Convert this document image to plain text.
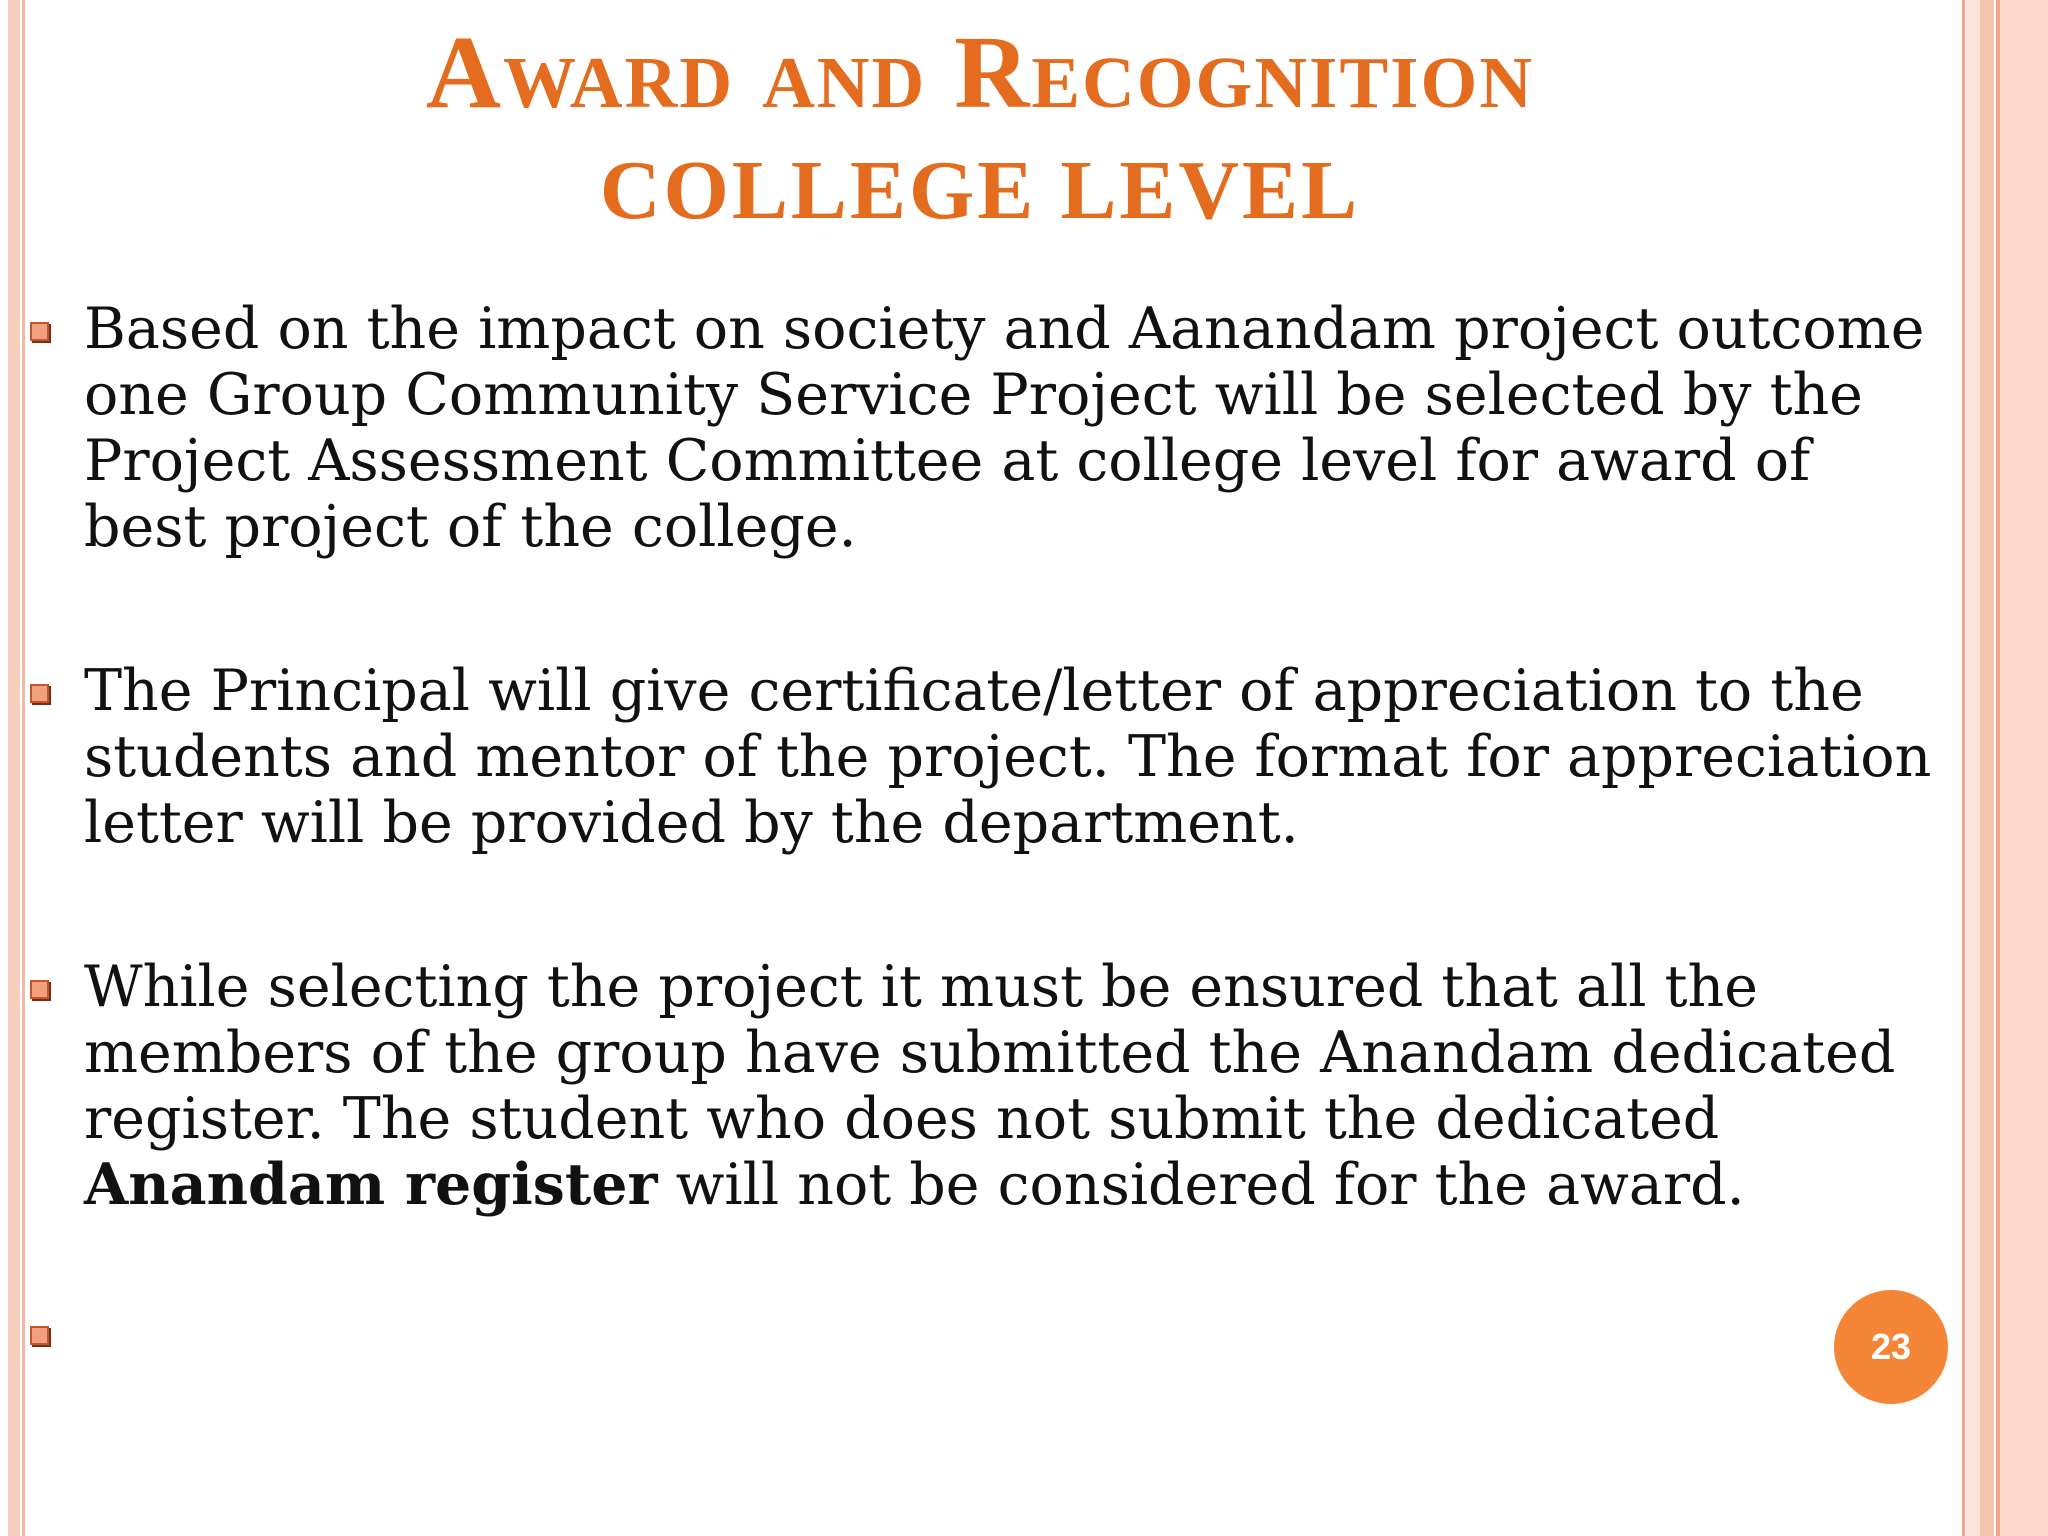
Award and Recognition
COLLEGE LEVEL
Based on the impact on society and Aanandam project outcome one Group Community Service Project will be selected by the Project Assessment Committee at college level for award of best project of the college.
The Principal will give certificate/letter of appreciation to the students and mentor of the project. The format for appreciation letter will be provided by the department.
While selecting the project it must be ensured that all the members of the group have submitted the Anandam dedicated register. The student who does not submit the dedicated Anandam register will not be considered for the award.
23
